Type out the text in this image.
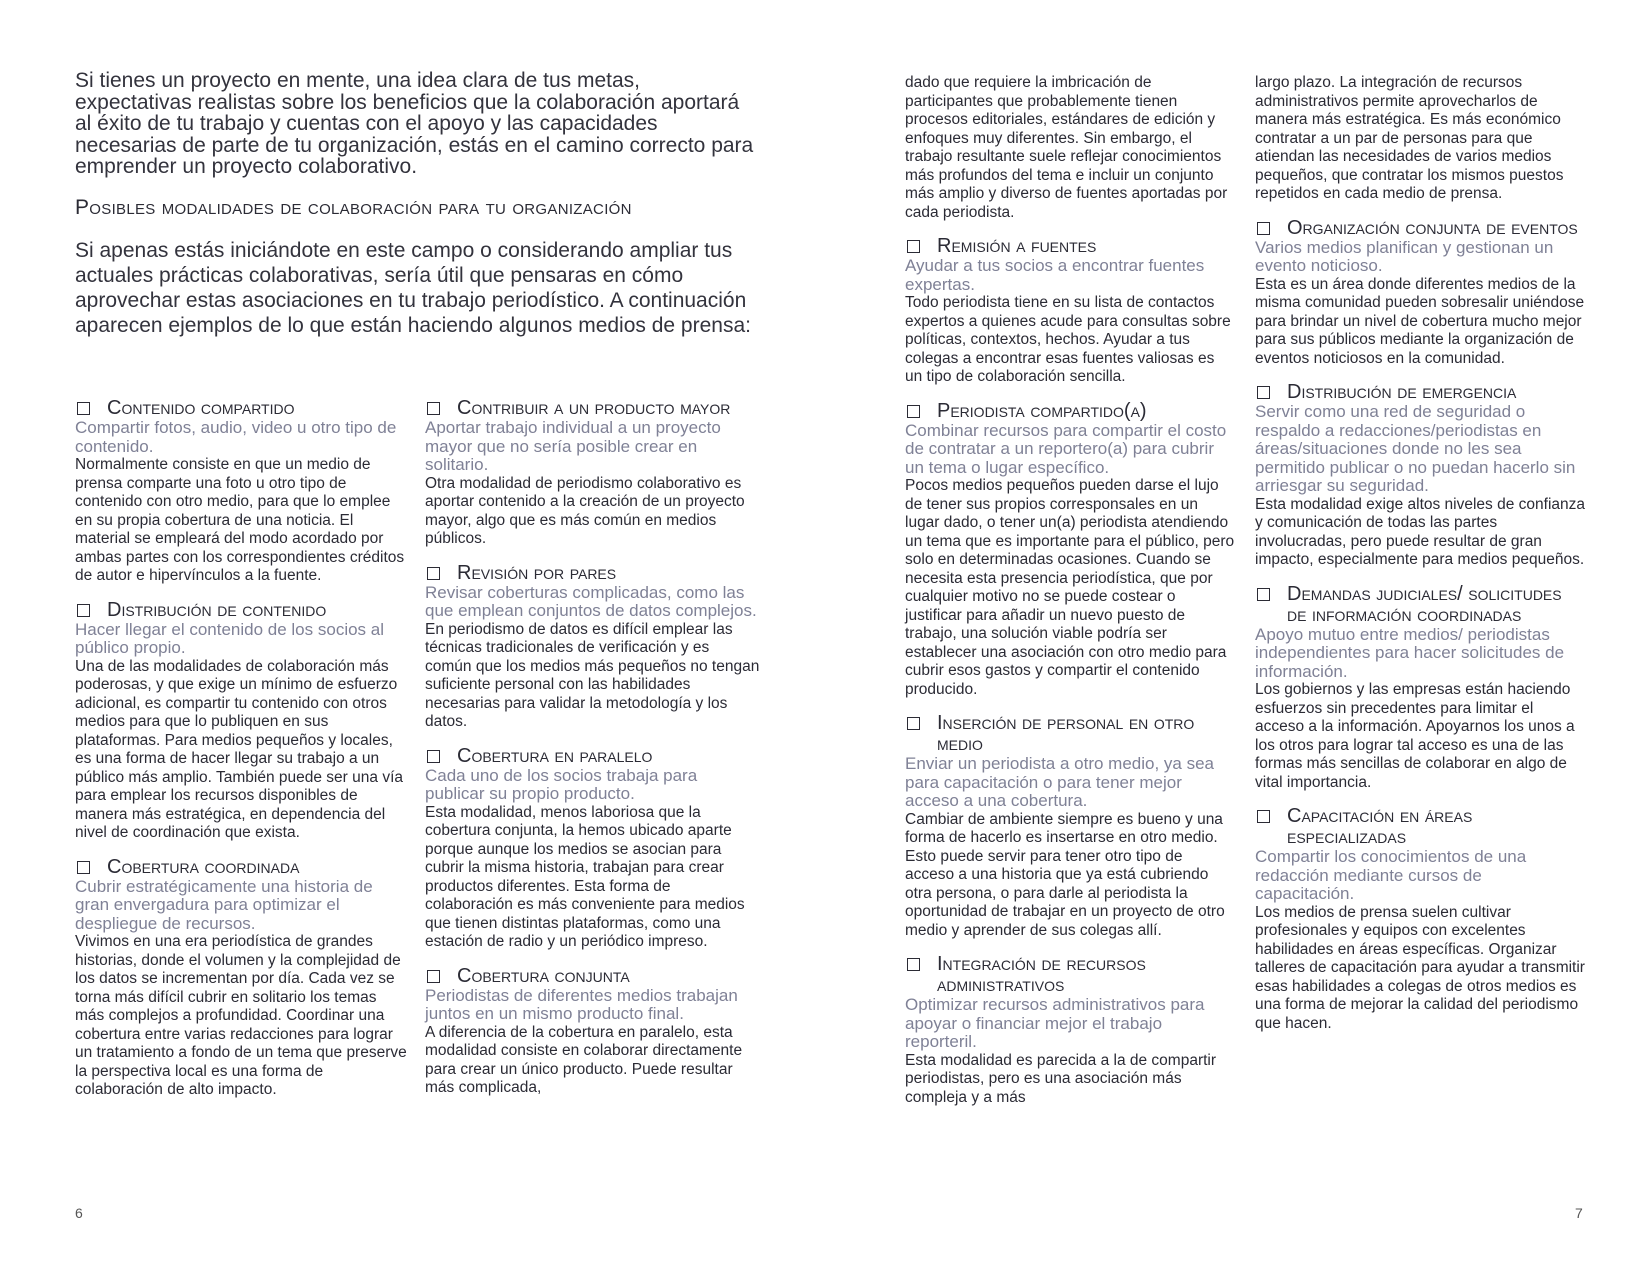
Si tienes un proyecto en mente, una idea clara de tus metas, expectativas realistas sobre los beneficios que la colaboración aportará al éxito de tu trabajo y cuentas con el apoyo y las capacidades necesarias de parte de tu organización, estás en el camino correcto para emprender un proyecto colaborativo.

Posibles modalidades de colaboración para tu organización

Si apenas estás iniciándote en este campo o considerando ampliar tus actuales prácticas colaborativas, sería útil que pensaras en cómo aprovechar estas asociaciones en tu trabajo periodístico. A continuación aparecen ejemplos de lo que están haciendo algunos medios de prensa:

Contenido compartido
Compartir fotos, audio, video u otro tipo de contenido.
Normalmente consiste en que un medio de prensa comparte una foto u otro tipo de contenido con otro medio, para que lo emplee en su propia cobertura de una noticia. El material se empleará del modo acordado por ambas partes con los correspondientes créditos de autor e hipervínculos a la fuente.
Distribución de contenido
Hacer llegar el contenido de los socios al público propio.
Una de las modalidades de colaboración más poderosas, y que exige un mínimo de esfuerzo adicional, es compartir tu contenido con otros medios para que lo publiquen en sus plataformas. Para medios pequeños y locales, es una forma de hacer llegar su trabajo a un público más amplio. También puede ser una vía para emplear los recursos disponibles de manera más estratégica, en dependencia del nivel de coordinación que exista.
Cobertura coordinada
Cubrir estratégicamente una historia de gran envergadura para optimizar el despliegue de recursos.
Vivimos en una era periodística de grandes historias, donde el volumen y la complejidad de los datos se incrementan por día. Cada vez se torna más difícil cubrir en solitario los temas más complejos a profundidad. Coordinar una cobertura entre varias redacciones para lograr un tratamiento a fondo de un tema que preserve la perspectiva local es una forma de colaboración de alto impacto.
Contribuir a un producto mayor
Aportar trabajo individual a un proyecto mayor que no sería posible crear en solitario.
Otra modalidad de periodismo colaborativo es aportar contenido a la creación de un proyecto mayor, algo que es más común en medios públicos.
Revisión por pares
Revisar coberturas complicadas, como las que emplean conjuntos de datos complejos.
En periodismo de datos es difícil emplear las técnicas tradicionales de verificación y es común que los medios más pequeños no tengan suficiente personal con las habilidades necesarias para validar la metodología y los datos.
Cobertura en paralelo
Cada uno de los socios trabaja para publicar su propio producto.
Esta modalidad, menos laboriosa que la cobertura conjunta, la hemos ubicado aparte porque aunque los medios se asocian para cubrir la misma historia, trabajan para crear productos diferentes. Esta forma de colaboración es más conveniente para medios que tienen distintas plataformas, como una estación de radio y un periódico impreso.
Cobertura conjunta
Periodistas de diferentes medios trabajan juntos en un mismo producto final.
A diferencia de la cobertura en paralelo, esta modalidad consiste en colaborar directamente para crear un único producto. Puede resultar más complicada,
6
dado que requiere la imbricación de participantes que probablemente tienen procesos editoriales, estándares de edición y enfoques muy diferentes. Sin embargo, el trabajo resultante suele reflejar conocimientos más profundos del tema e incluir un conjunto más amplio y diverso de fuentes aportadas por cada periodista.
Remisión a fuentes
Ayudar a tus socios a encontrar fuentes expertas.
Todo periodista tiene en su lista de contactos expertos a quienes acude para consultas sobre políticas, contextos, hechos. Ayudar a tus colegas a encontrar esas fuentes valiosas es un tipo de colaboración sencilla.
Periodista compartido(a)
Combinar recursos para compartir el costo de contratar a un reportero(a) para cubrir un tema o lugar específico.
Pocos medios pequeños pueden darse el lujo de tener sus propios corresponsales en un lugar dado, o tener un(a) periodista atendiendo un tema que es importante para el público, pero solo en determinadas ocasiones. Cuando se necesita esta presencia periodística, que por cualquier motivo no se puede costear o justificar para añadir un nuevo puesto de trabajo, una solución viable podría ser establecer una asociación con otro medio para cubrir esos gastos y compartir el contenido producido.
Inserción de personal en otro medio
Enviar un periodista a otro medio, ya sea para capacitación o para tener mejor acceso a una cobertura.
Cambiar de ambiente siempre es bueno y una forma de hacerlo es insertarse en otro medio. Esto puede servir para tener otro tipo de acceso a una historia que ya está cubriendo otra persona, o para darle al periodista la oportunidad de trabajar en un proyecto de otro medio y aprender de sus colegas allí.
Integración de recursos administrativos
Optimizar recursos administrativos para apoyar o financiar mejor el trabajo reporteril.
Esta modalidad es parecida a la de compartir periodistas, pero es una asociación más compleja y a más
largo plazo. La integración de recursos administrativos permite aprovecharlos de manera más estratégica. Es más económico contratar a un par de personas para que atiendan las necesidades de varios medios pequeños, que contratar los mismos puestos repetidos en cada medio de prensa.
Organización conjunta de eventos
Varios medios planifican y gestionan un evento noticioso.
Esta es un área donde diferentes medios de la misma comunidad pueden sobresalir uniéndose para brindar un nivel de cobertura mucho mejor para sus públicos mediante la organización de eventos noticiosos en la comunidad.
Distribución de emergencia
Servir como una red de seguridad o respaldo a redacciones/periodistas en áreas/situaciones donde no les sea permitido publicar o no puedan hacerlo sin arriesgar su seguridad.
Esta modalidad exige altos niveles de confianza y comunicación de todas las partes involucradas, pero puede resultar de gran impacto, especialmente para medios pequeños.
Demandas judiciales/ solicitudes de información coordinadas
Apoyo mutuo entre medios/ periodistas independientes para hacer solicitudes de información.
Los gobiernos y las empresas están haciendo esfuerzos sin precedentes para limitar el acceso a la información. Apoyarnos los unos a los otros para lograr tal acceso es una de las formas más sencillas de colaborar en algo de vital importancia.
Capacitación en áreas especializadas
Compartir los conocimientos de una redacción mediante cursos de capacitación.
Los medios de prensa suelen cultivar profesionales y equipos con excelentes habilidades en áreas específicas. Organizar talleres de capacitación para ayudar a transmitir esas habilidades a colegas de otros medios es una forma de mejorar la calidad del periodismo que hacen.
7
